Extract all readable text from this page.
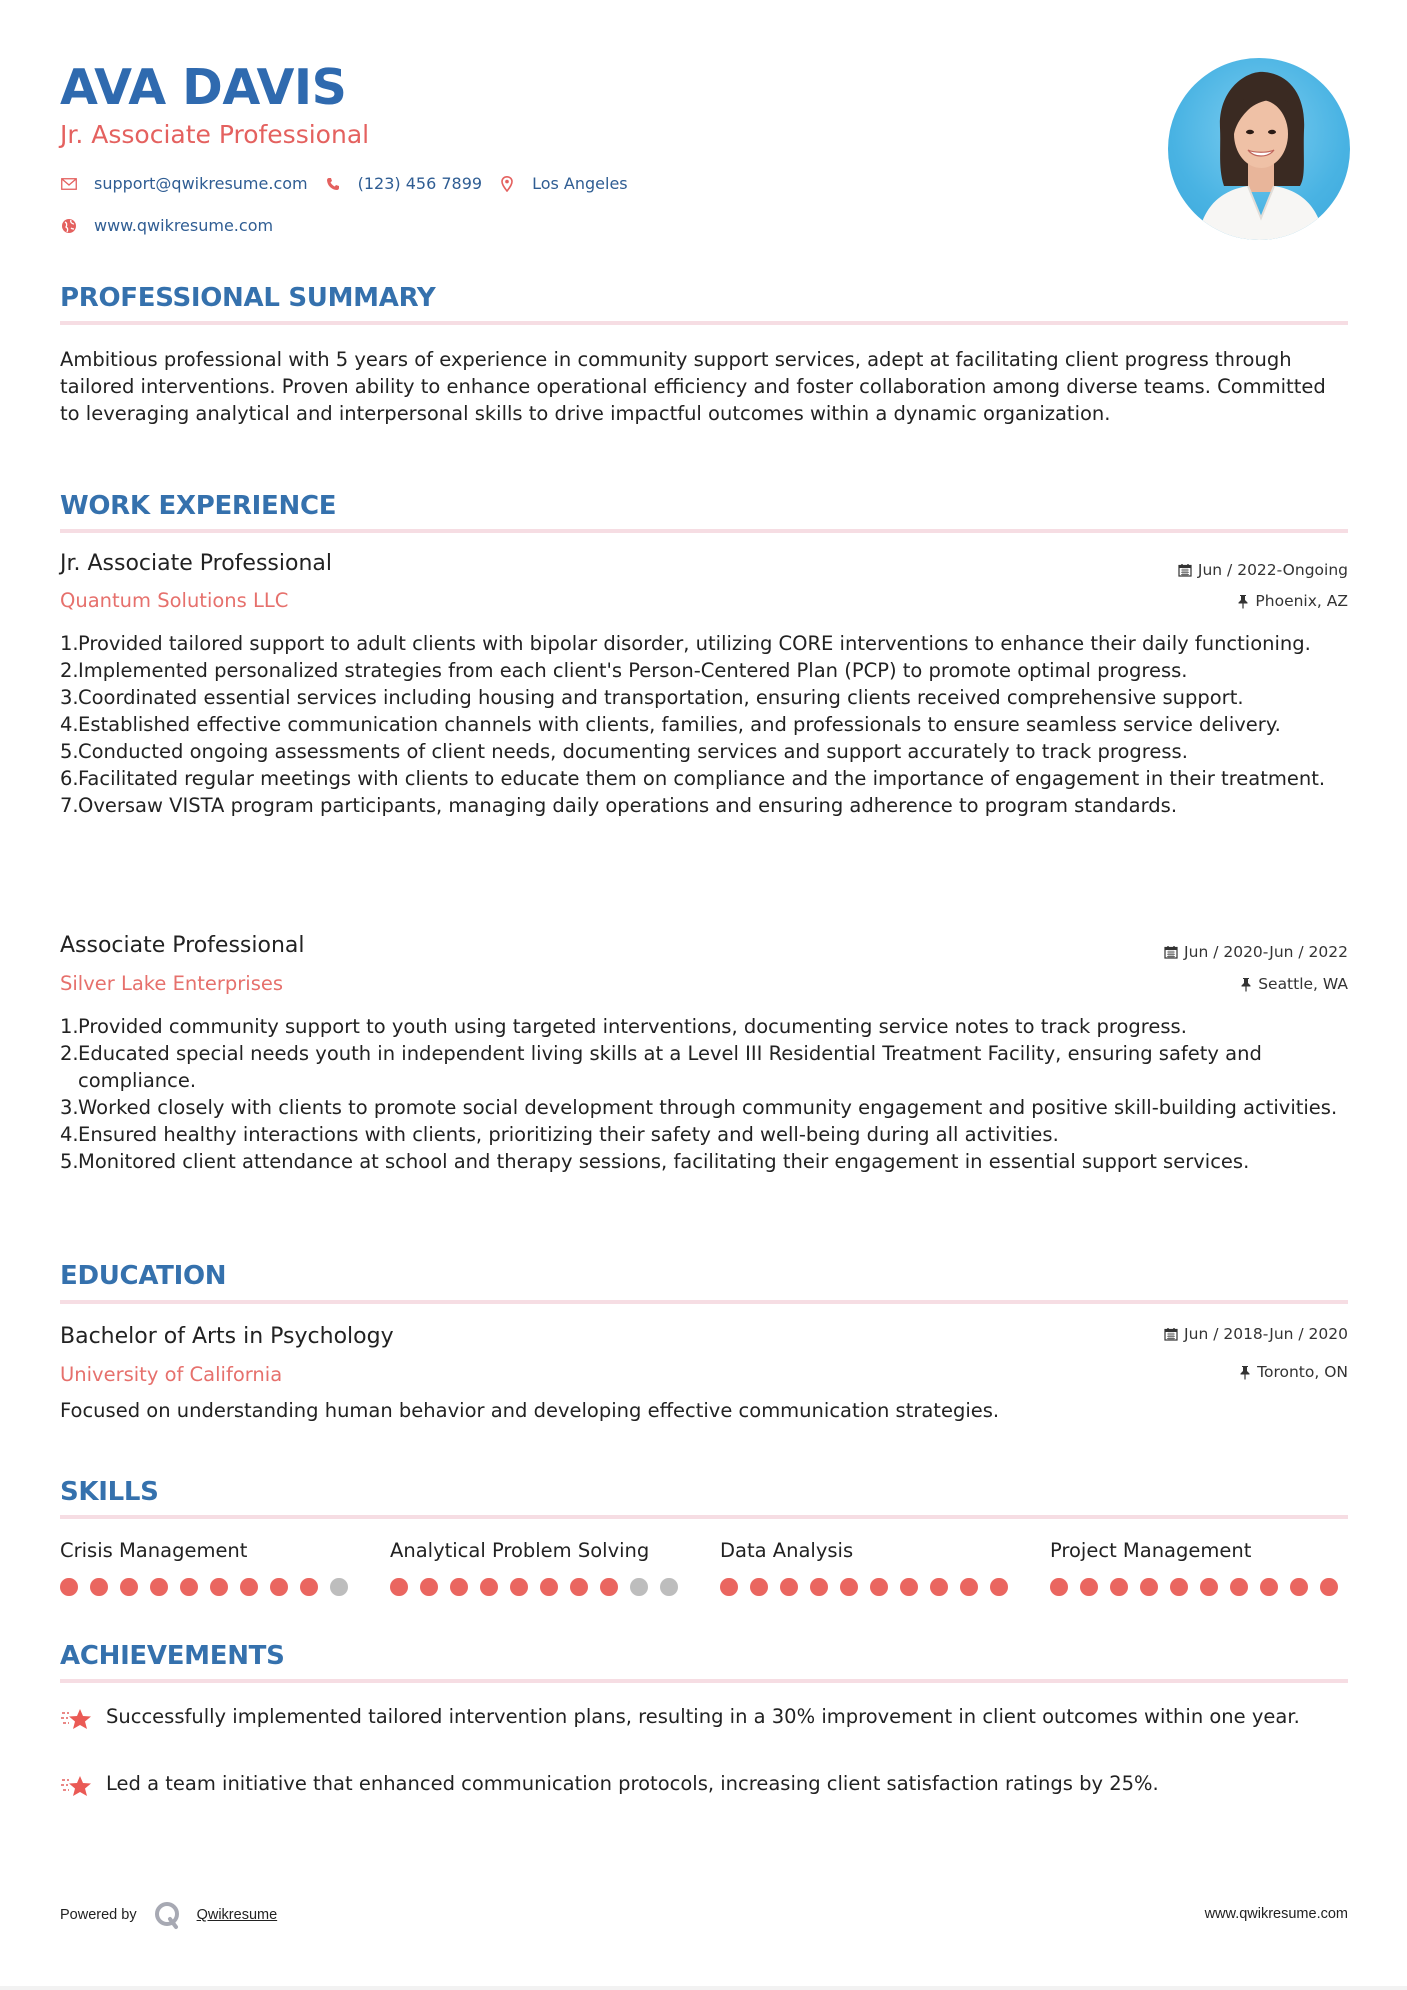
AVA DAVIS
Jr. Associate Professional
support@qwikresume.com	(123) 456 7899	Los Angeles
www.qwikresume.com
PROFESSIONAL SUMMARY
Ambitious professional with 5 years of experience in community support services, adept at facilitating client progress through tailored interventions. Proven ability to enhance operational efficiency and foster collaboration among diverse teams. Committed to leveraging analytical and interpersonal skills to drive impactful outcomes within a dynamic organization.
WORK EXPERIENCE
Jr. Associate Professional
Quantum Solutions LLC
Jun / 2022-Ongoing
Phoenix, AZ
1. Provided tailored support to adult clients with bipolar disorder, utilizing CORE interventions to enhance their daily functioning.
2. Implemented personalized strategies from each client's Person-Centered Plan (PCP) to promote optimal progress.
3. Coordinated essential services including housing and transportation, ensuring clients received comprehensive support.
4. Established effective communication channels with clients, families, and professionals to ensure seamless service delivery.
5. Conducted ongoing assessments of client needs, documenting services and support accurately to track progress.
6. Facilitated regular meetings with clients to educate them on compliance and the importance of engagement in their treatment.
7. Oversaw VISTA program participants, managing daily operations and ensuring adherence to program standards.
Associate Professional
Silver Lake Enterprises
Jun / 2020-Jun / 2022
Seattle, WA
1. Provided community support to youth using targeted interventions, documenting service notes to track progress.
2. Educated special needs youth in independent living skills at a Level III Residential Treatment Facility, ensuring safety and compliance.
3. Worked closely with clients to promote social development through community engagement and positive skill-building activities.
4. Ensured healthy interactions with clients, prioritizing their safety and well-being during all activities.
5. Monitored client attendance at school and therapy sessions, facilitating their engagement in essential support services.
EDUCATION
Bachelor of Arts in Psychology
University of California
Jun / 2018-Jun / 2020
Toronto, ON
Focused on understanding human behavior and developing effective communication strategies.
SKILLS
Crisis Management	Analytical Problem Solving	Data Analysis	Project Management
ACHIEVEMENTS
Successfully implemented tailored intervention plans, resulting in a 30% improvement in client outcomes within one year.
Led a team initiative that enhanced communication protocols, increasing client satisfaction ratings by 25%.
Powered by	Qwikresume	www.qwikresume.com
